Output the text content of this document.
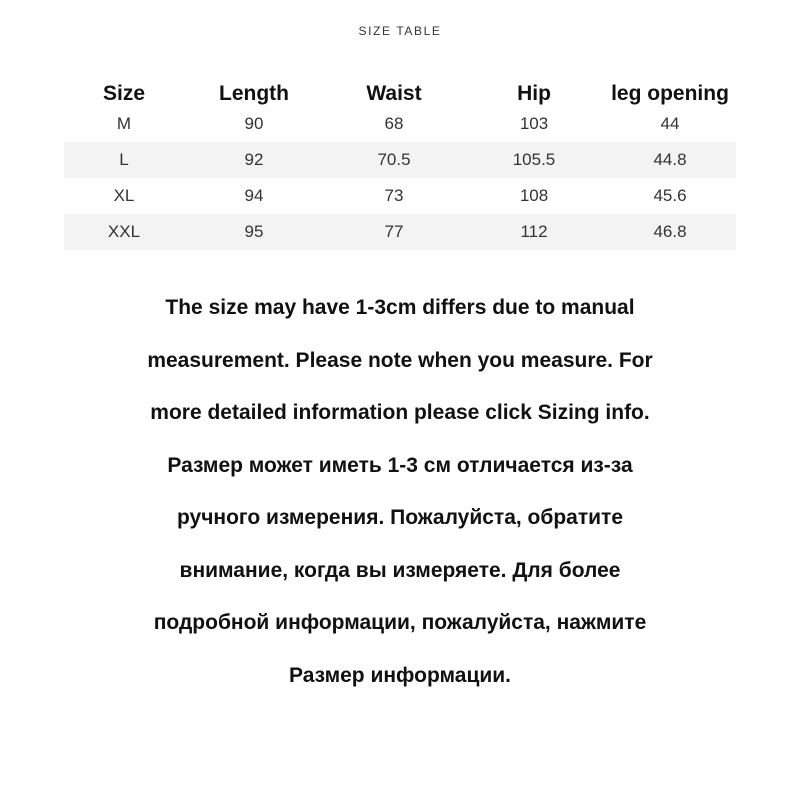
SIZE TABLE
Size	Length	Waist	Hip	leg opening
M	90	68	103	44
L	92	70.5	105.5	44.8
XL	94	73	108	45.6
XXL	95	77	112	46.8

The size may have 1-3cm differs due to manual

measurement. Please note when you measure. For

more detailed information please click Sizing info.

Размер может иметь 1-3 см отличается из-за

ручного измерения. Пожалуйста, обратите

внимание, когда вы измеряете. Для более

подробной информации, пожалуйста, нажмите

Размер информации.
